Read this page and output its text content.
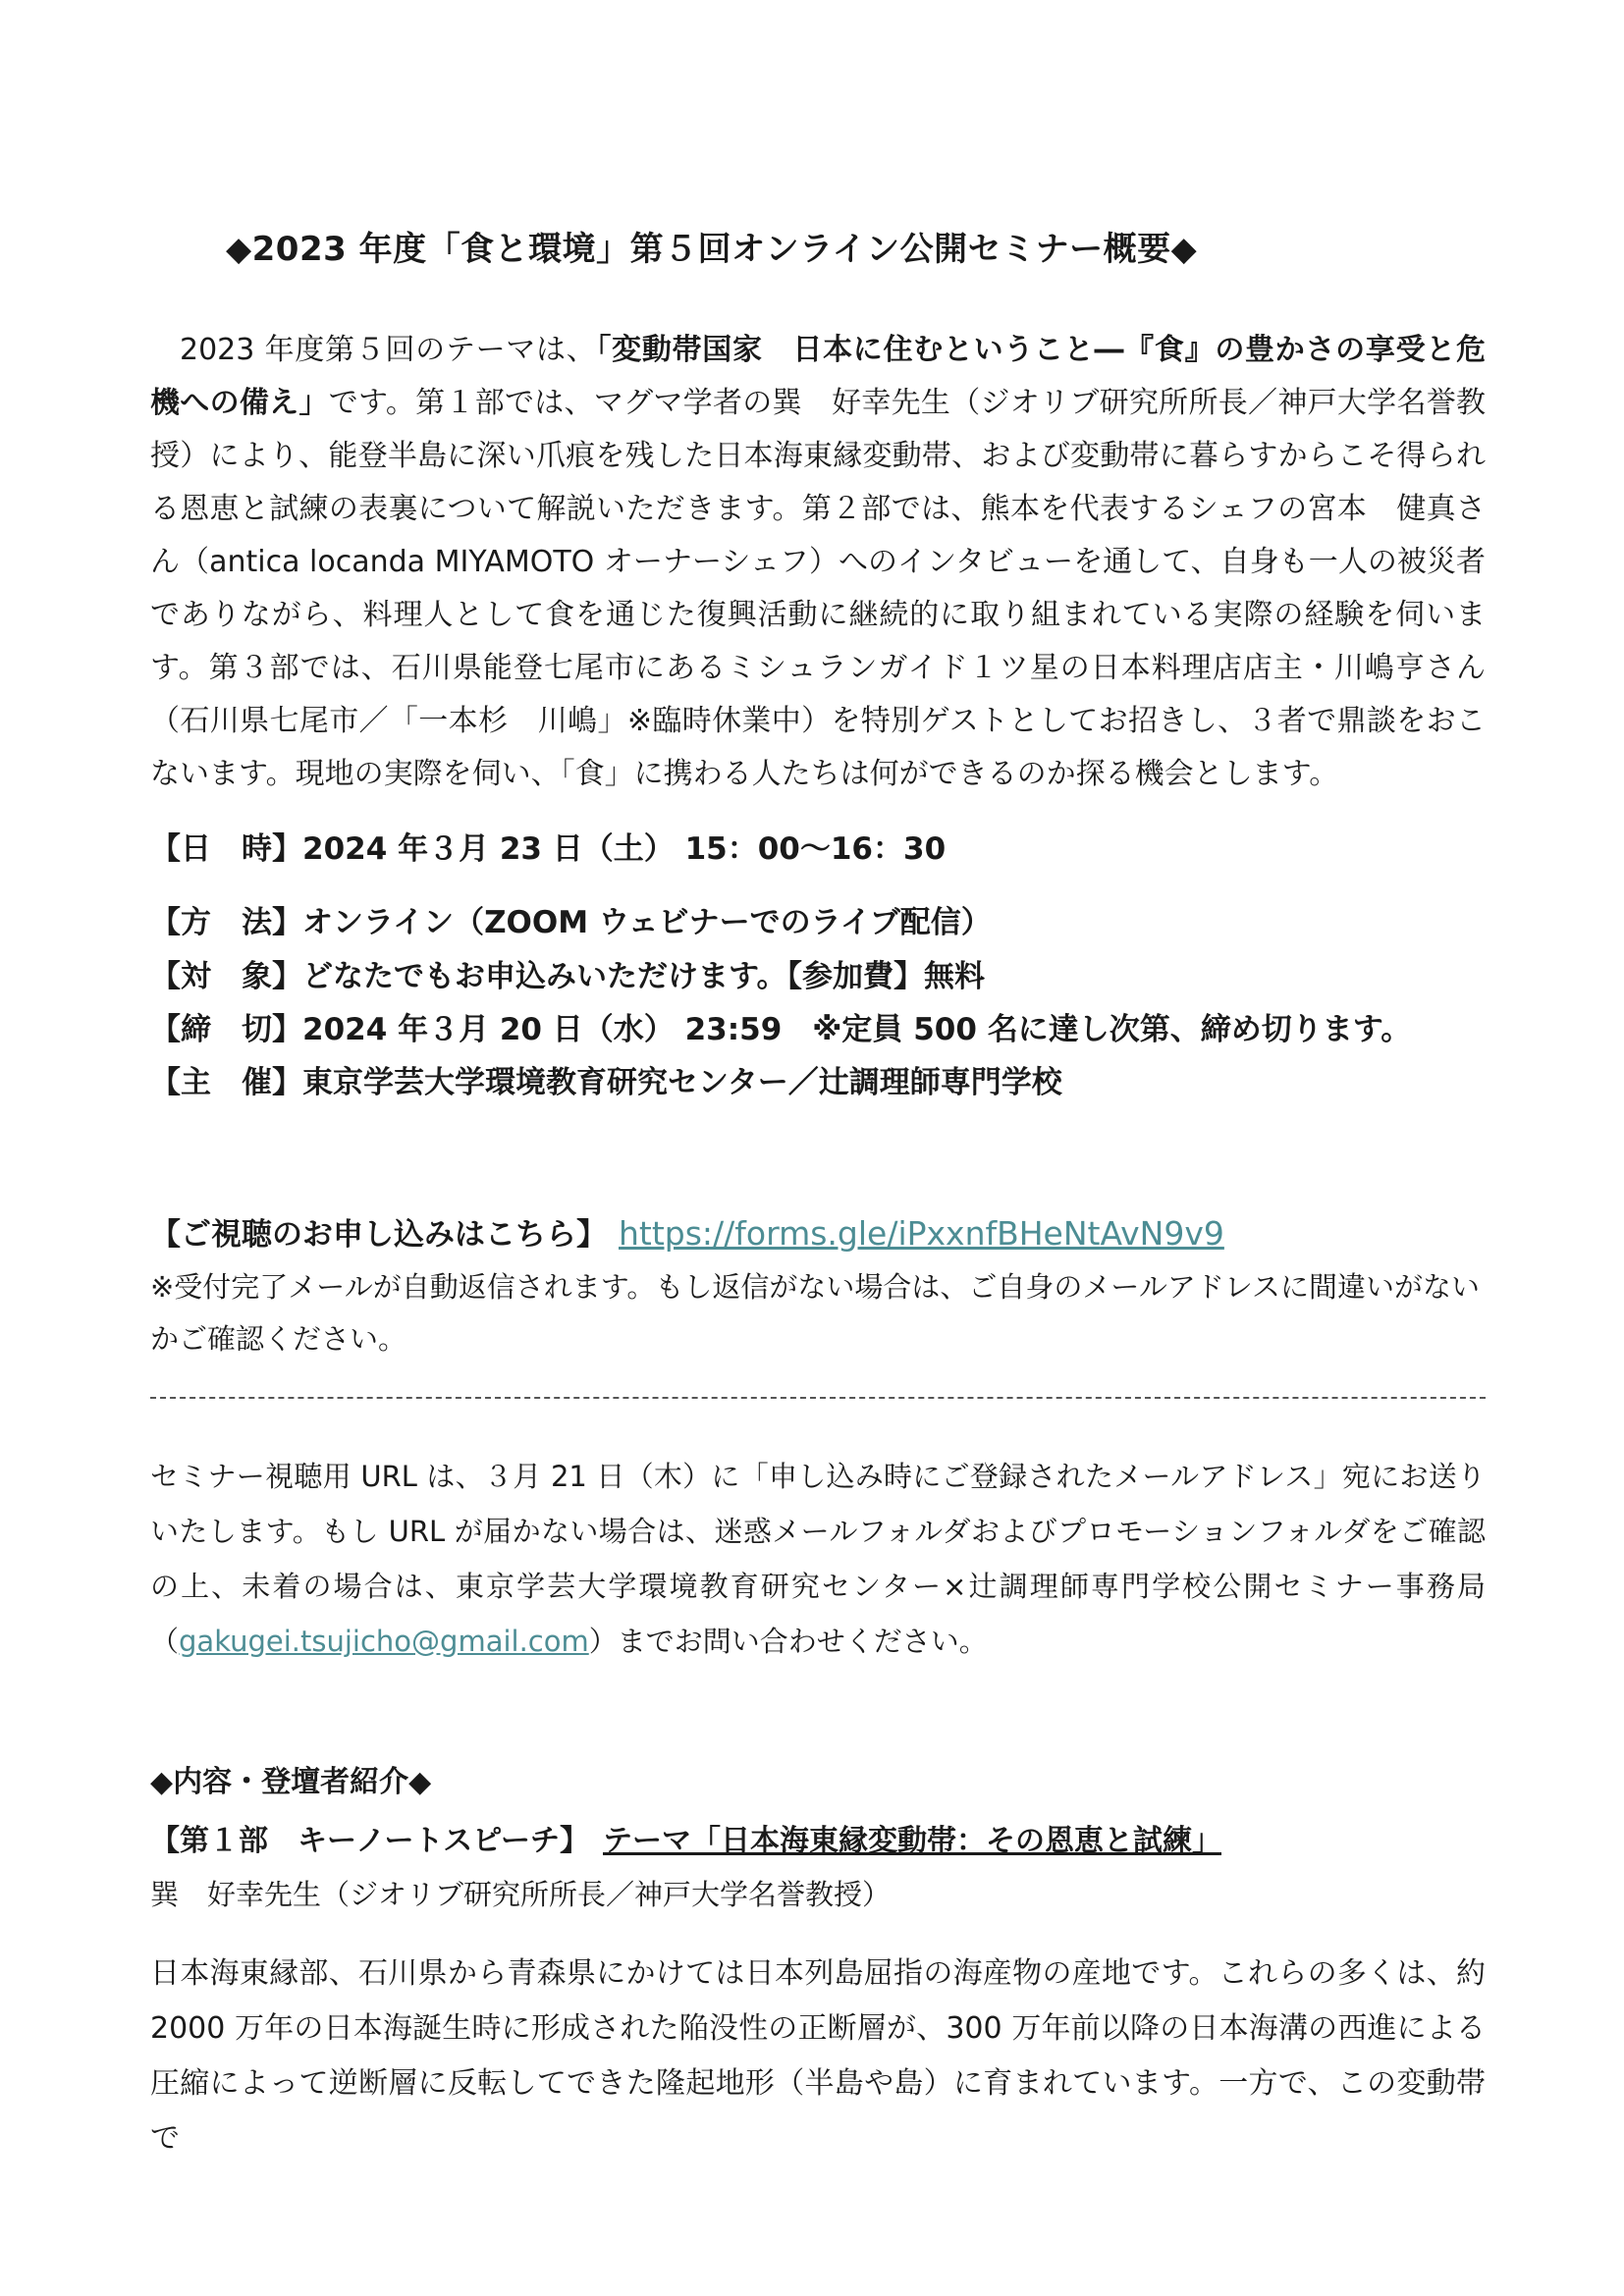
◆2023 年度「食と環境」第５回オンライン公開セミナー概要◆

2023 年度第５回のテーマは、「変動帯国家　日本に住むということ―『食』の豊かさの享受と危機への備え」です。第１部では、マグマ学者の巽　好幸先生（ジオリブ研究所所長／神戸大学名誉教授）により、能登半島に深い爪痕を残した日本海東縁変動帯、および変動帯に暮らすからこそ得られる恩恵と試練の表裏について解説いただきます。第２部では、熊本を代表するシェフの宮本　健真さん（antica locanda MIYAMOTO オーナーシェフ）へのインタビューを通して、自身も一人の被災者でありながら、料理人として食を通じた復興活動に継続的に取り組まれている実際の経験を伺います。第３部では、石川県能登七尾市にあるミシュランガイド１ツ星の日本料理店店主・川嶋亨さん（石川県七尾市／「一本杉　川嶋」※臨時休業中）を特別ゲストとしてお招きし、３者で鼎談をおこないます。現地の実際を伺い、「食」に携わる人たちは何ができるのか探る機会とします。

【日　時】2024 年３月 23 日（土） 15：00～16：30
【方　法】オンライン（ZOOM ウェビナーでのライブ配信）
【対　象】どなたでもお申込みいただけます。【参加費】無料
【締　切】2024 年３月 20 日（水） 23:59　※定員 500 名に達し次第、締め切ります。
【主　催】東京学芸大学環境教育研究センター／辻調理師専門学校
【ご視聴のお申し込みはこちら】 https://forms.gle/iPxxnfBHeNtAvN9v9

※受付完了メールが自動返信されます。もし返信がない場合は、ご自身のメールアドレスに間違いがないかご確認ください。

セミナー視聴用 URL は、３月 21 日（木）に「申し込み時にご登録されたメールアドレス」宛にお送りいたします。もし URL が届かない場合は、迷惑メールフォルダおよびプロモーションフォルダをご確認の上、未着の場合は、東京学芸大学環境教育研究センター×辻調理師専門学校公開セミナー事務局（gakugei.tsujicho@gmail.com）までお問い合わせください。

◆内容・登壇者紹介◆
【第１部　キーノートスピーチ】 テーマ「日本海東縁変動帯：その恩恵と試練」
巽　好幸先生（ジオリブ研究所所長／神戸大学名誉教授）

日本海東縁部、石川県から青森県にかけては日本列島屈指の海産物の産地です。これらの多くは、約 2000 万年の日本海誕生時に形成された陥没性の正断層が、300 万年前以降の日本海溝の西進による圧縮によって逆断層に反転してできた隆起地形（半島や島）に育まれています。一方で、この変動帯で
